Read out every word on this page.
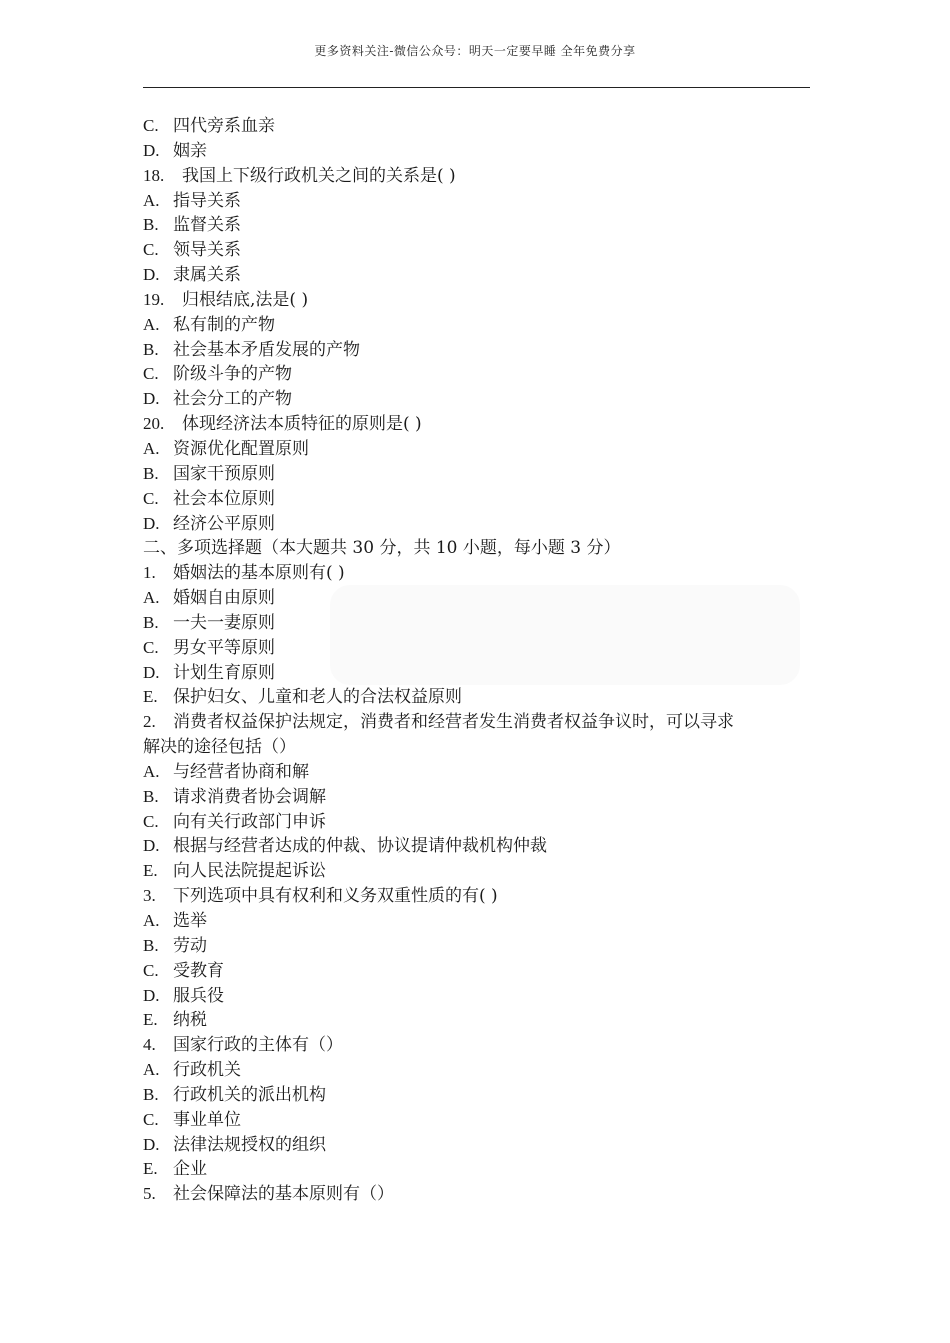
更多资料关注-微信公众号：明天一定要早睡 全年免费分享
C. 四代旁系血亲
D. 姻亲
18. 我国上下级行政机关之间的关系是( )
A. 指导关系
B. 监督关系
C. 领导关系
D. 隶属关系
19. 归根结底,法是( )
A. 私有制的产物
B. 社会基本矛盾发展的产物
C. 阶级斗争的产物
D. 社会分工的产物
20. 体现经济法本质特征的原则是( )
A. 资源优化配置原则
B. 国家干预原则
C. 社会本位原则
D. 经济公平原则
二、多项选择题（本大题共 30 分，共 10 小题，每小题 3 分）
1. 婚姻法的基本原则有( )
A. 婚姻自由原则
B. 一夫一妻原则
C. 男女平等原则
D. 计划生育原则
E. 保护妇女、儿童和老人的合法权益原则
2. 消费者权益保护法规定，消费者和经营者发生消费者权益争议时，可以寻求
解决的途径包括（）
A. 与经营者协商和解
B. 请求消费者协会调解
C. 向有关行政部门申诉
D. 根据与经营者达成的仲裁、协议提请仲裁机构仲裁
E. 向人民法院提起诉讼
3. 下列选项中具有权利和义务双重性质的有( )
A. 选举
B. 劳动
C. 受教育
D. 服兵役
E. 纳税
4. 国家行政的主体有（）
A. 行政机关
B. 行政机关的派出机构
C. 事业单位
D. 法律法规授权的组织
E. 企业
5. 社会保障法的基本原则有（）
